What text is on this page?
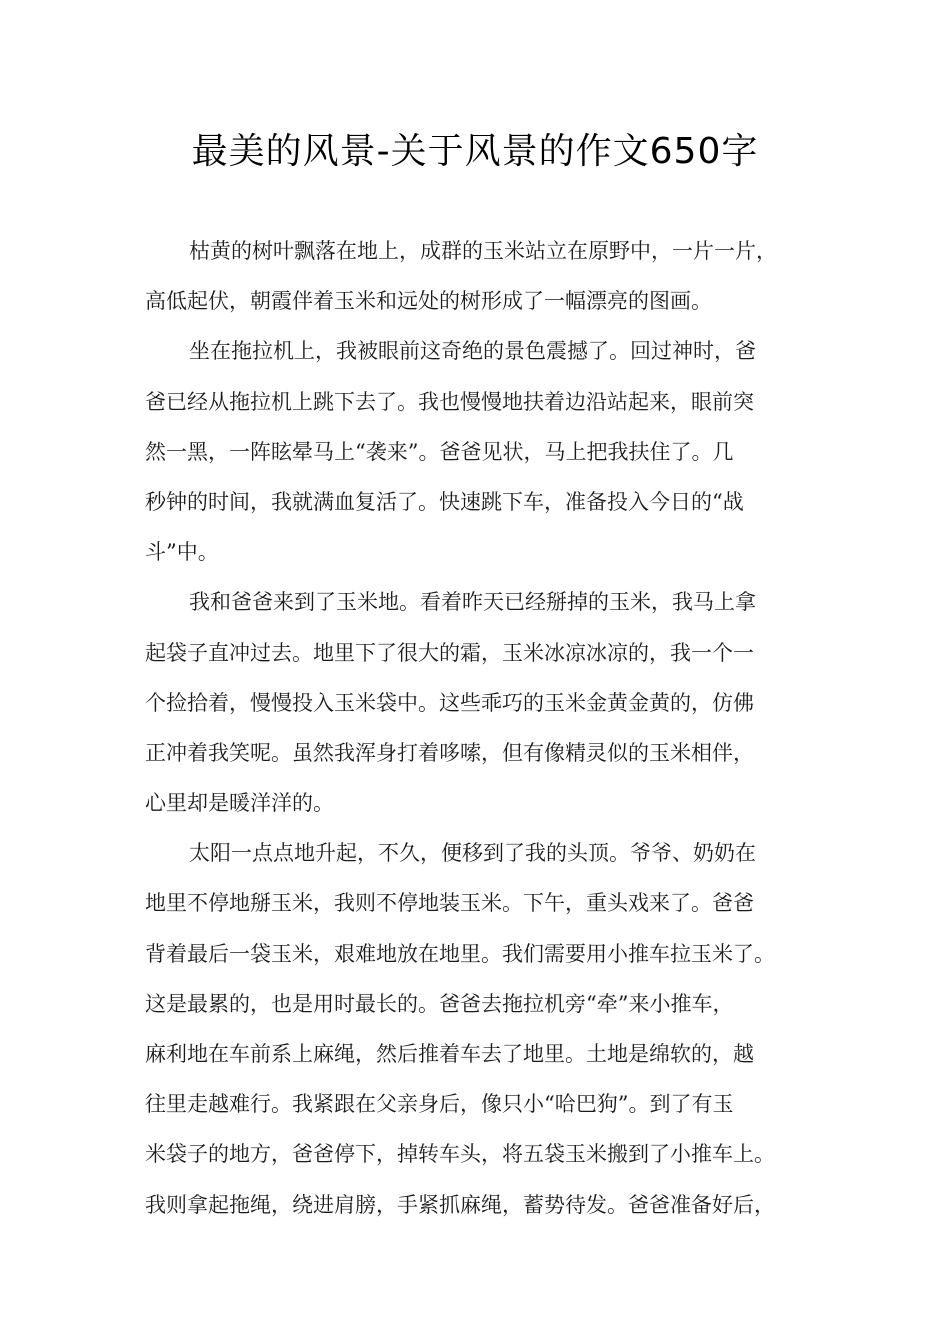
最美的风景-关于风景的作文650字
枯黄的树叶飘落在地上，成群的玉米站立在原野中，一片一片，
高低起伏，朝霞伴着玉米和远处的树形成了一幅漂亮的图画。
坐在拖拉机上，我被眼前这奇绝的景色震撼了。回过神时，爸
爸已经从拖拉机上跳下去了。我也慢慢地扶着边沿站起来，眼前突
然一黑，一阵眩晕马上“袭来”。爸爸见状，马上把我扶住了。几
秒钟的时间，我就满血复活了。快速跳下车，准备投入今日的“战
斗”中。
我和爸爸来到了玉米地。看着昨天已经掰掉的玉米，我马上拿
起袋子直冲过去。地里下了很大的霜，玉米冰凉冰凉的，我一个一
个捡拾着，慢慢投入玉米袋中。这些乖巧的玉米金黄金黄的，仿佛
正冲着我笑呢。虽然我浑身打着哆嗦，但有像精灵似的玉米相伴，
心里却是暖洋洋的。
太阳一点点地升起，不久，便移到了我的头顶。爷爷、奶奶在
地里不停地掰玉米，我则不停地装玉米。下午，重头戏来了。爸爸
背着最后一袋玉米，艰难地放在地里。我们需要用小推车拉玉米了。
这是最累的，也是用时最长的。爸爸去拖拉机旁“牵”来小推车，
麻利地在车前系上麻绳，然后推着车去了地里。土地是绵软的，越
往里走越难行。我紧跟在父亲身后，像只小“哈巴狗”。到了有玉
米袋子的地方，爸爸停下，掉转车头，将五袋玉米搬到了小推车上。
我则拿起拖绳，绕进肩膀，手紧抓麻绳，蓄势待发。爸爸准备好后，
